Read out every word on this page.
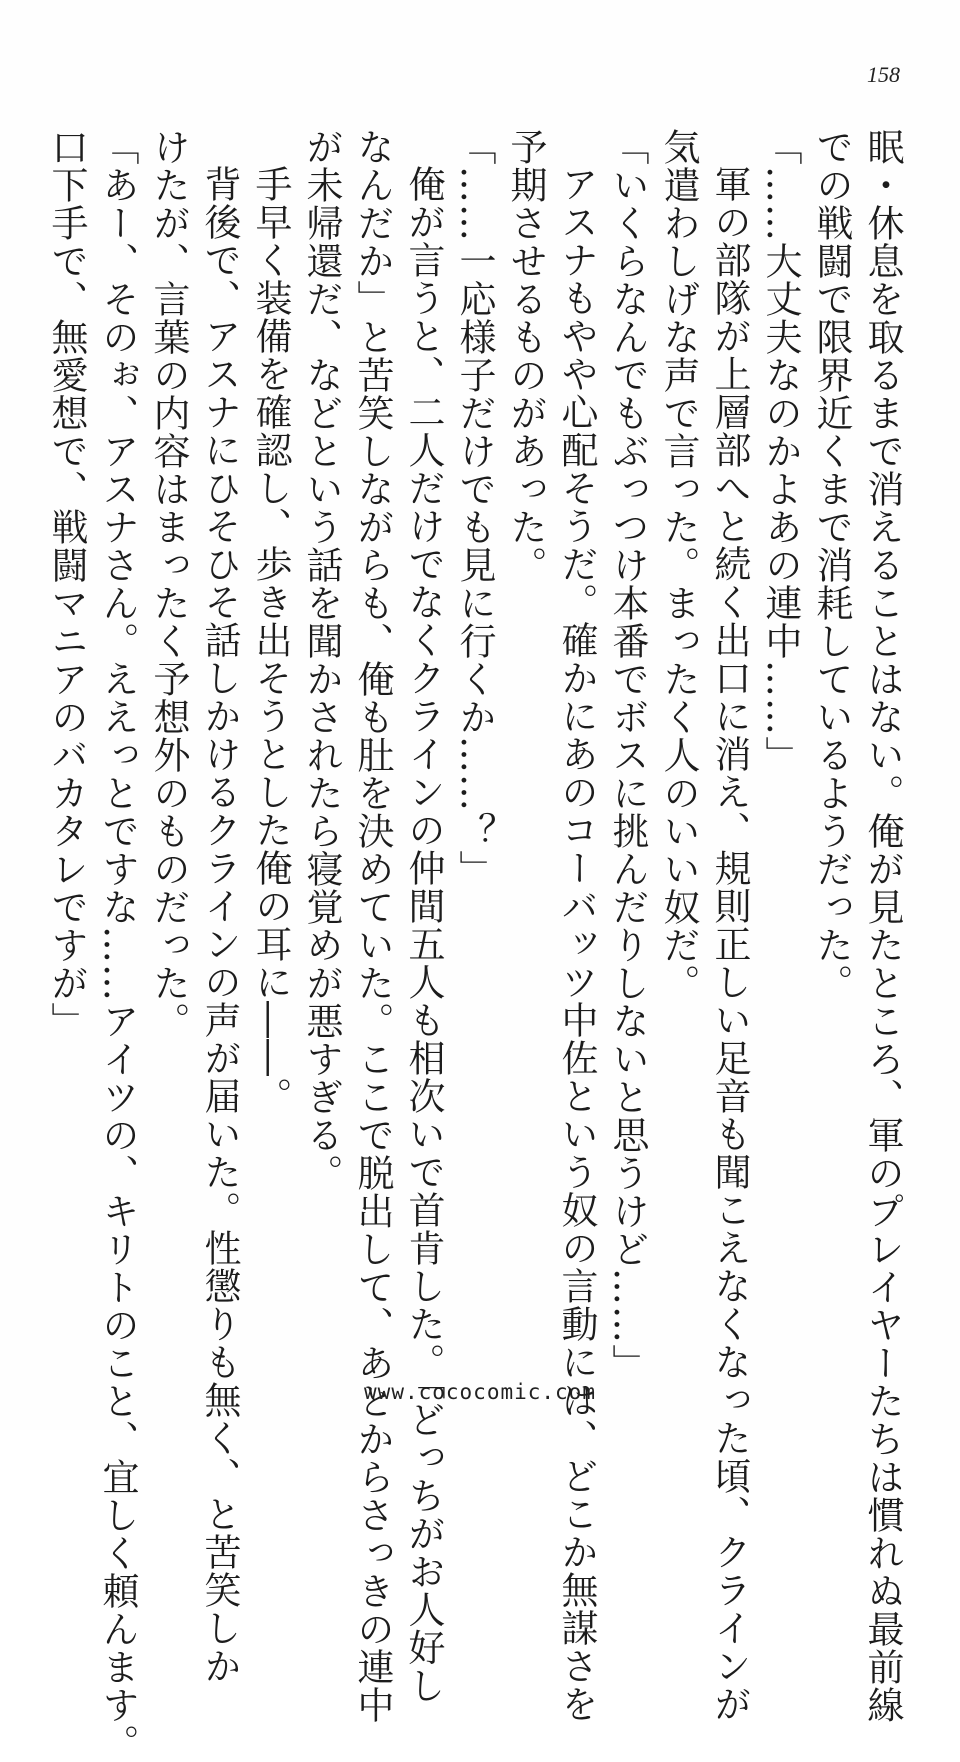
158
眠・休息を取るまで消えることはない。俺が見たところ、軍のプレイヤーたちは慣れぬ最前線
での戦闘で限界近くまで消耗しているようだった。
「……大丈夫なのかよあの連中……」
軍の部隊が上層部へと続く出口に消え、規則正しい足音も聞こえなくなった頃、クラインが
気遣わしげな声で言った。まったく人のいい奴だ。
「いくらなんでもぶっつけ本番でボスに挑んだりしないと思うけど……」
アスナもやや心配そうだ。確かにあのコーバッツ中佐という奴の言動には、どこか無謀さを
予期させるものがあった。
「……一応様子だけでも見に行くか……？」
俺が言うと、二人だけでなくクラインの仲間五人も相次いで首肯した。「どっちがお人好し
なんだか」と苦笑しながらも、俺も肚を決めていた。ここで脱出して、あとからさっきの連中
が未帰還だ、などという話を聞かされたら寝覚めが悪すぎる。
手早く装備を確認し、歩き出そうとした俺の耳に――。
背後で、アスナにひそひそ話しかけるクラインの声が届いた。性懲りも無く、と苦笑しか
けたが、言葉の内容はまったく予想外のものだった。
「あー、そのぉ、アスナさん。ええっとですな……アイツの、キリトのこと、宜しく頼んます。
口下手で、無愛想で、戦闘マニアのバカタレですが」
www.cococomic.com
